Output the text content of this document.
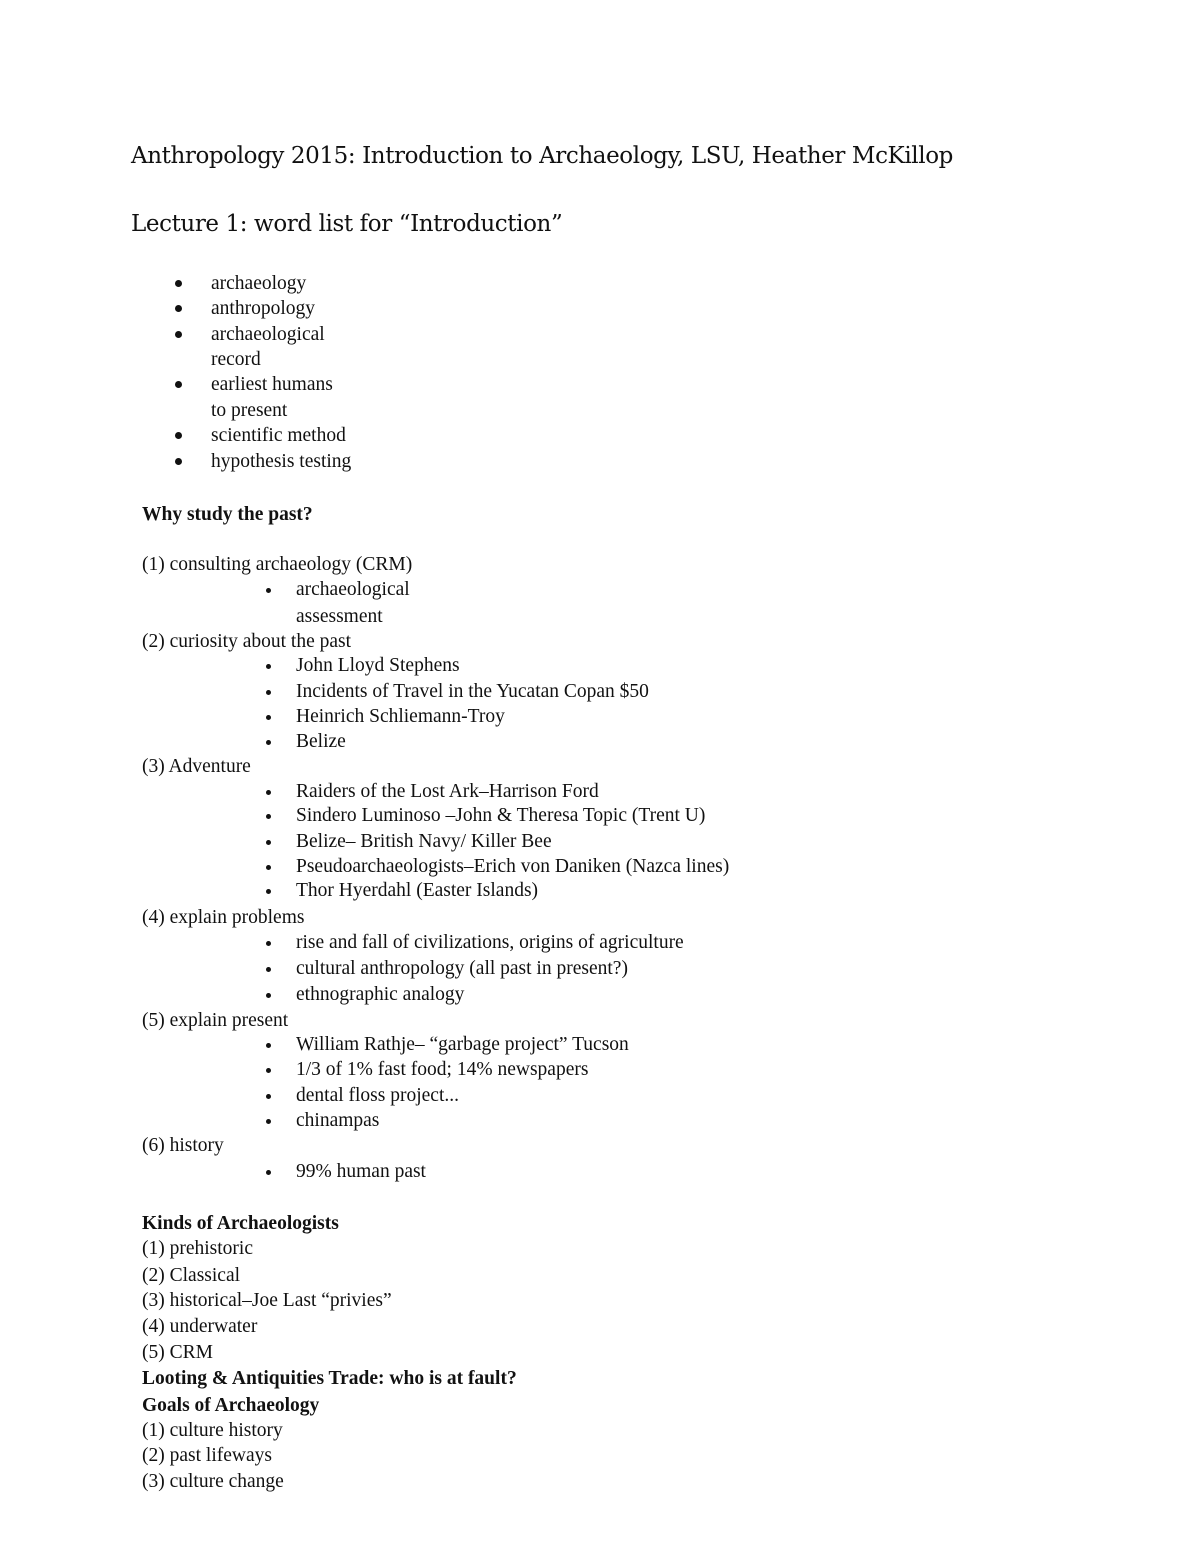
Anthropology 2015: Introduction to Archaeology, LSU, Heather McKillop
Lecture 1: word list for “Introduction”
archaeology
anthropology
archaeological
record
earliest humans
to present
scientific method
hypothesis testing
Why study the past?
(1) consulting archaeology (CRM)
archaeological
assessment
(2) curiosity about the past
John Lloyd Stephens
Incidents of Travel in the Yucatan Copan $50
Heinrich Schliemann-Troy
Belize
(3) Adventure
Raiders of the Lost Ark–Harrison Ford
Sindero Luminoso –John & Theresa Topic (Trent U)
Belize– British Navy/ Killer Bee
Pseudoarchaeologists–Erich von Daniken (Nazca lines)
Thor Hyerdahl (Easter Islands)
(4) explain problems
rise and fall of civilizations, origins of agriculture
cultural anthropology (all past in present?)
ethnographic analogy
(5) explain present
William Rathje– “garbage project” Tucson
1/3 of 1% fast food; 14% newspapers
dental floss project...
chinampas
(6) history
99% human past
Kinds of Archaeologists
(1) prehistoric
(2) Classical
(3) historical–Joe Last “privies”
(4) underwater
(5) CRM
Looting & Antiquities Trade: who is at fault?
Goals of Archaeology
(1) culture history
(2) past lifeways
(3) culture change
